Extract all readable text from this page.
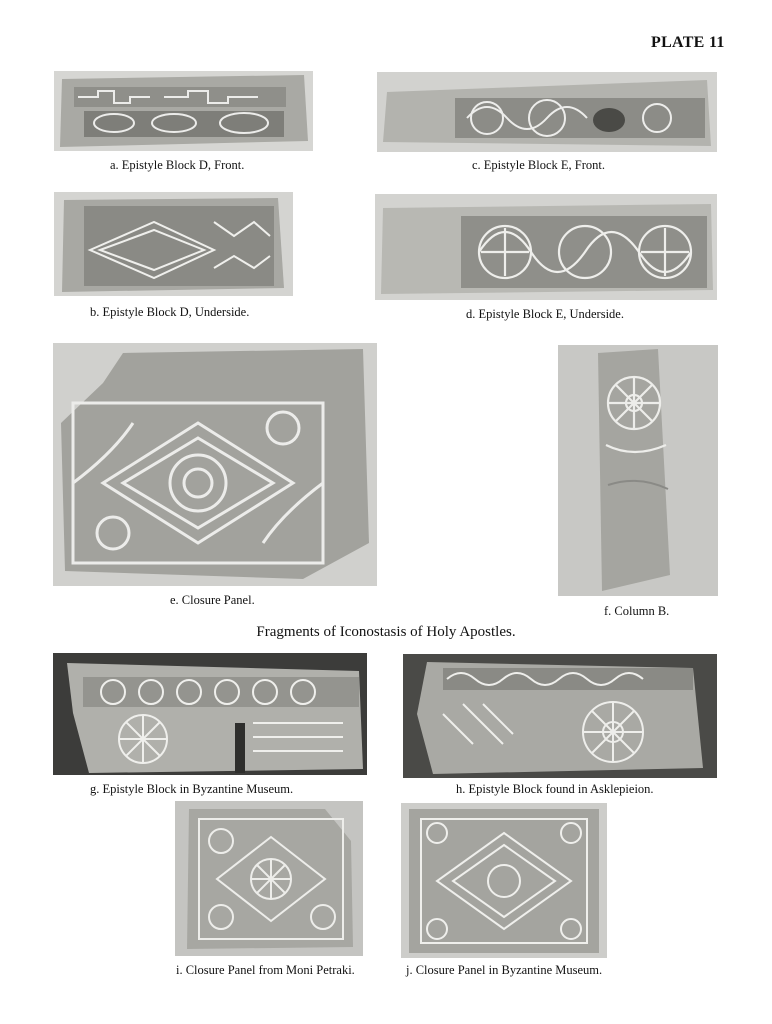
PLATE 11
a. Epistyle Block D, Front.	c. Epistyle Block E, Front.
b. Epistyle Block D, Underside.	d. Epistyle Block E, Underside.
e. Closure Panel.
f. Column B.
Fragments of Iconostasis of Holy Apostles.
g. Epistyle Block in Byzantine Museum.	h. Epistyle Block found in Asklepieion.
i. Closure Panel from Moni Petraki.	j. Closure Panel in Byzantine Museum.
